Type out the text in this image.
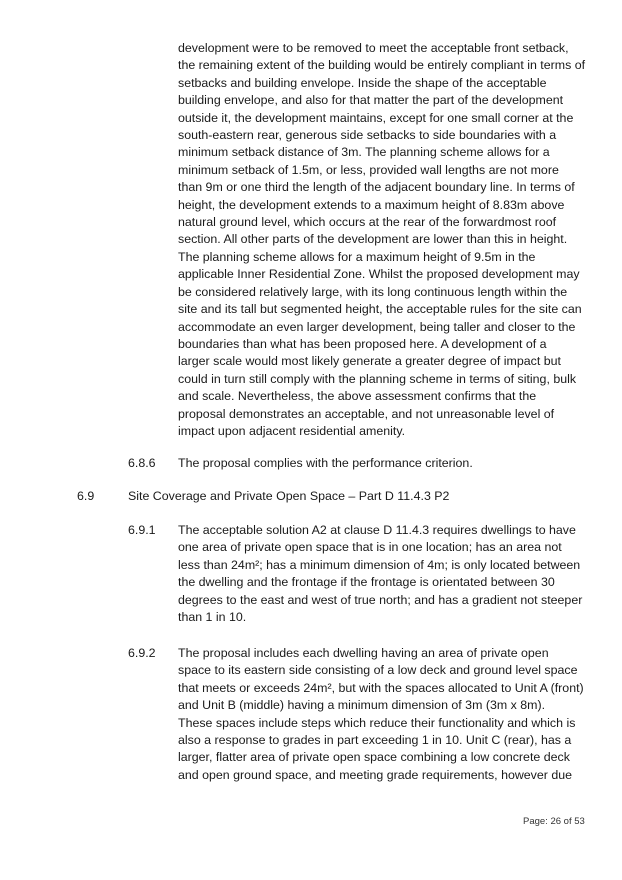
development were to be removed to meet the acceptable front setback,
the remaining extent of the building would be entirely compliant in terms of
setbacks and building envelope. Inside the shape of the acceptable
building envelope, and also for that matter the part of the development
outside it, the development maintains, except for one small corner at the
south-eastern rear, generous side setbacks to side boundaries with a
minimum setback distance of 3m. The planning scheme allows for a
minimum setback of 1.5m, or less, provided wall lengths are not more
than 9m or one third the length of the adjacent boundary line. In terms of
height, the development extends to a maximum height of 8.83m above
natural ground level, which occurs at the rear of the forwardmost roof
section. All other parts of the development are lower than this in height.
The planning scheme allows for a maximum height of 9.5m in the
applicable Inner Residential Zone. Whilst the proposed development may
be considered relatively large, with its long continuous length within the
site and its tall but segmented height, the acceptable rules for the site can
accommodate an even larger development, being taller and closer to the
boundaries than what has been proposed here. A development of a
larger scale would most likely generate a greater degree of impact but
could in turn still comply with the planning scheme in terms of siting, bulk
and scale. Nevertheless, the above assessment confirms that the
proposal demonstrates an acceptable, and not unreasonable level of
impact upon adjacent residential amenity.

6.8.6 The proposal complies with the performance criterion.

6.9	Site Coverage and Private Open Space – Part D 11.4.3 P2
6.9.1 The acceptable solution A2 at clause D 11.4.3 requires dwellings to have
one area of private open space that is in one location; has an area not
less than 24m²; has a minimum dimension of 4m; is only located between
the dwelling and the frontage if the frontage is orientated between 30
degrees to the east and west of true north; and has a gradient not steeper
than 1 in 10.

6.9.2 The proposal includes each dwelling having an area of private open
space to its eastern side consisting of a low deck and ground level space
that meets or exceeds 24m², but with the spaces allocated to Unit A (front)
and Unit B (middle) having a minimum dimension of 3m (3m x 8m).
These spaces include steps which reduce their functionality and which is
also a response to grades in part exceeding 1 in 10. Unit C (rear), has a
larger, flatter area of private open space combining a low concrete deck
and open ground space, and meeting grade requirements, however due

Page: 26 of 53
